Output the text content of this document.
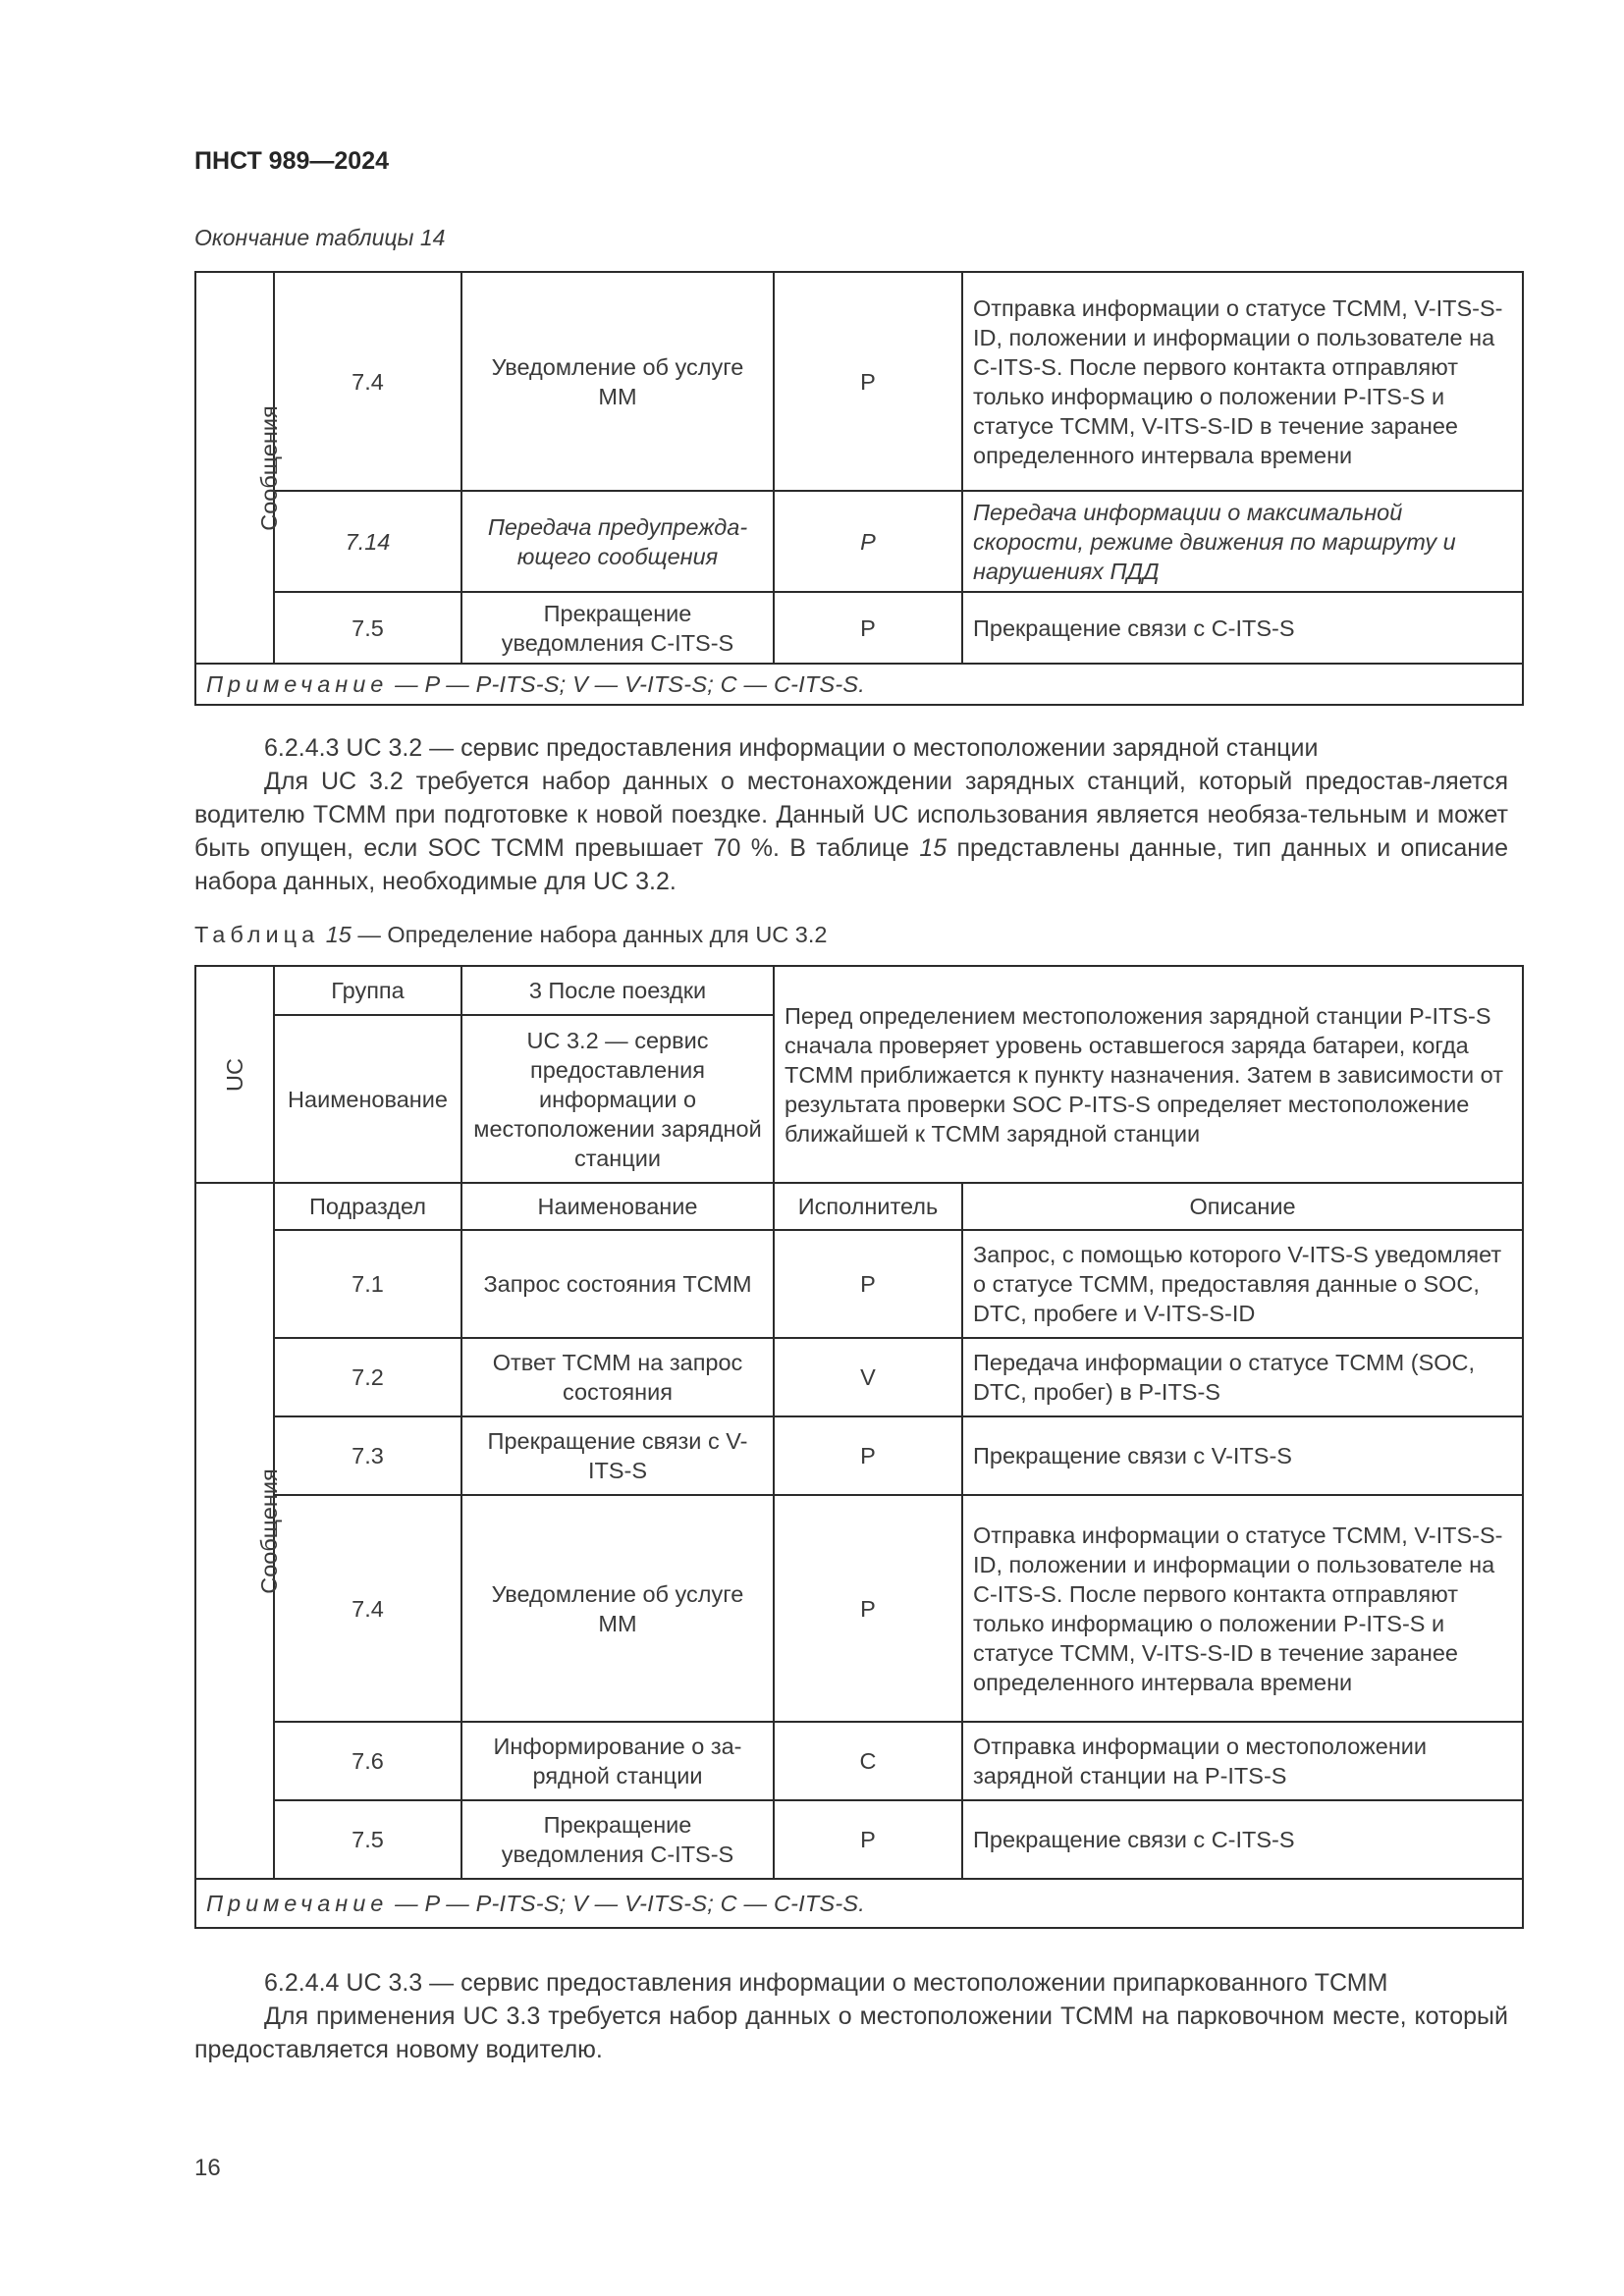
ПНСТ 989—2024
Окончание таблицы 14
Сообщения	7.4	Уведомление об услуге ММ	P	Отправка информации о статусе ТСММ, V-ITS-S-ID, положении и информации о пользователе на C-ITS-S. После первого контакта отправляют только информацию о положении P-ITS-S и статусе ТСММ, V-ITS-S-ID в течение заранее определенного интервала времени
	7.14	Передача предупрежда-ющего сообщения	P	Передача информации о максимальной скорости, режиме движения по маршруту и нарушениях ПДД
	7.5	Прекращение уведомления C-ITS-S	P	Прекращение связи с C-ITS-S
Примечание — P — P-ITS-S; V — V-ITS-S; C — C-ITS-S.				

6.2.4.3 UC 3.2 — сервис предоставления информации о местоположении зарядной станции

Для UC 3.2 требуется набор данных о местонахождении зарядных станций, который предостав-ляется водителю ТСММ при подготовке к новой поездке. Данный UC использования является необяза-тельным и может быть опущен, если SOC ТСММ превышает 70 %. В таблице 15 представлены данные, тип данных и описание набора данных, необходимые для UC 3.2.

Таблица 15 — Определение набора данных для UC 3.2
UC	Группа	3 После поездки	Перед определением местоположения зарядной станции P-ITS-S сначала проверяет уровень оставшегося заряда батареи, когда ТСММ приближается к пункту назначения. Затем в зависимости от результата проверки SOC P-ITS-S определяет местоположение ближайшей к ТСММ зарядной станции	
	Наименование	UC 3.2 — сервис предоставления информации о местоположении зарядной станции		
Сообщения	Подраздел	Наименование	Исполнитель	Описание
	7.1	Запрос состояния ТСММ	P	Запрос, с помощью которого V-ITS-S уведомляет о статусе ТСММ, предоставляя данные о SOC, DTC, пробеге и V-ITS-S-ID
	7.2	Ответ ТСММ на запрос состояния	V	Передача информации о статусе ТСММ (SOC, DTC, пробег) в P-ITS-S
	7.3	Прекращение связи с V-ITS-S	P	Прекращение связи с V-ITS-S
	7.4	Уведомление об услуге ММ	P	Отправка информации о статусе ТСММ, V-ITS-S-ID, положении и информации о пользователе на C-ITS-S. После первого контакта отправляют только информацию о положении P-ITS-S и статусе ТСММ, V-ITS-S-ID в течение заранее определенного интервала времени
	7.6	Информирование о за-рядной станции	C	Отправка информации о местоположении зарядной станции на P-ITS-S
	7.5	Прекращение уведомления C-ITS-S	P	Прекращение связи с C-ITS-S
Примечание — P — P-ITS-S; V — V-ITS-S; C — C-ITS-S.				

6.2.4.4 UC 3.3 — сервис предоставления информации о местоположении припаркованного ТСММ

Для применения UC 3.3 требуется набор данных о местоположении ТСММ на парковочном месте, который предоставляется новому водителю.

16
